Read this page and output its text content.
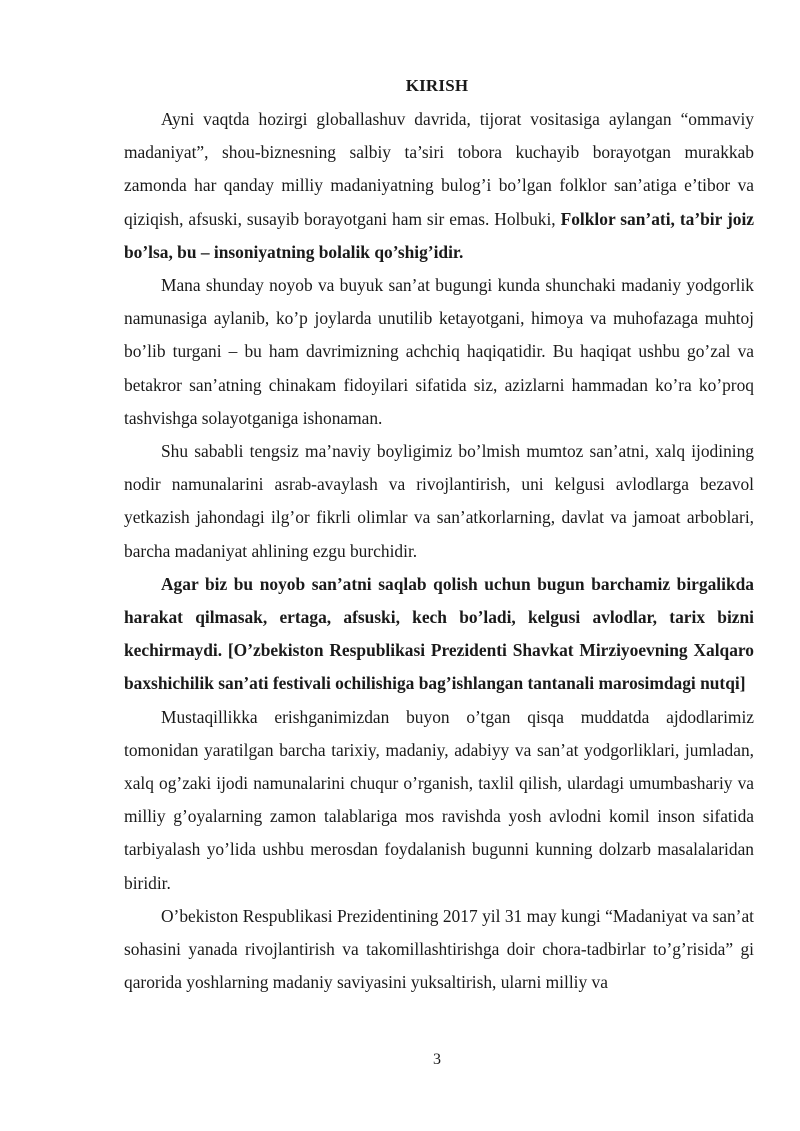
KIRISH

Ayni vaqtda hozirgi globallashuv davrida, tijorat vositasiga aylangan “ommaviy madaniyat”, shou-biznesning salbiy ta’siri tobora kuchayib borayotgan murakkab zamonda har qanday milliy madaniyatning bulog’i bo’lgan folklor san’atiga e’tibor va qiziqish, afsuski, susayib borayotgani ham sir emas. Holbuki, Folklor san’ati, ta’bir joiz bo’lsa, bu – insoniyatning bolalik qo’shig’idir.

Mana shunday noyob va buyuk san’at bugungi kunda shunchaki madaniy yodgorlik namunasiga aylanib, ko’p joylarda unutilib ketayotgani, himoya va muhofazaga muhtoj bo’lib turgani – bu ham davrimizning achchiq haqiqatidir. Bu haqiqat ushbu go’zal va betakror san’atning chinakam fidoyilari sifatida siz, azizlarni hammadan ko’ra ko’proq tashvishga solayotganiga ishonaman.

Shu sababli tengsiz ma’naviy boyligimiz bo’lmish mumtoz san’atni, xalq ijodining nodir namunalarini asrab-avaylash va rivojlantirish, uni kelgusi avlodlarga bezavol yetkazish jahondagi ilg’or fikrli olimlar va san’atkorlarning, davlat va jamoat arboblari, barcha madaniyat ahlining ezgu burchidir.

Agar biz bu noyob san’atni saqlab qolish uchun bugun barchamiz birgalikda harakat qilmasak, ertaga, afsuski, kech bo’ladi, kelgusi avlodlar, tarix bizni kechirmaydi. [O’zbekiston Respublikasi Prezidenti Shavkat Mirziyoevning Xalqaro baxshichilik san’ati festivali ochilishiga bag’ishlangan tantanali marosimdagi nutqi]

Mustaqillikka erishganimizdan buyon o’tgan qisqa muddatda ajdodlarimiz tomonidan yaratilgan barcha tarixiy, madaniy, adabiyy va san’at yodgorliklari, jumladan, xalq og’zaki ijodi namunalarini chuqur o’rganish, taxlil qilish, ulardagi umumbashariy va milliy g’oyalarning zamon talablariga mos ravishda yosh avlodni komil inson sifatida tarbiyalash yo’lida ushbu merosdan foydalanish bugunni kunning dolzarb masalalaridan biridir.

O’bekiston Respublikasi Prezidentining 2017 yil 31 may kungi “Madaniyat va san’at sohasini yanada rivojlantirish va takomillashtirishga doir chora-tadbirlar to’g’risida” gi qarorida yoshlarning madaniy saviyasini yuksaltirish, ularni milliy va

3
